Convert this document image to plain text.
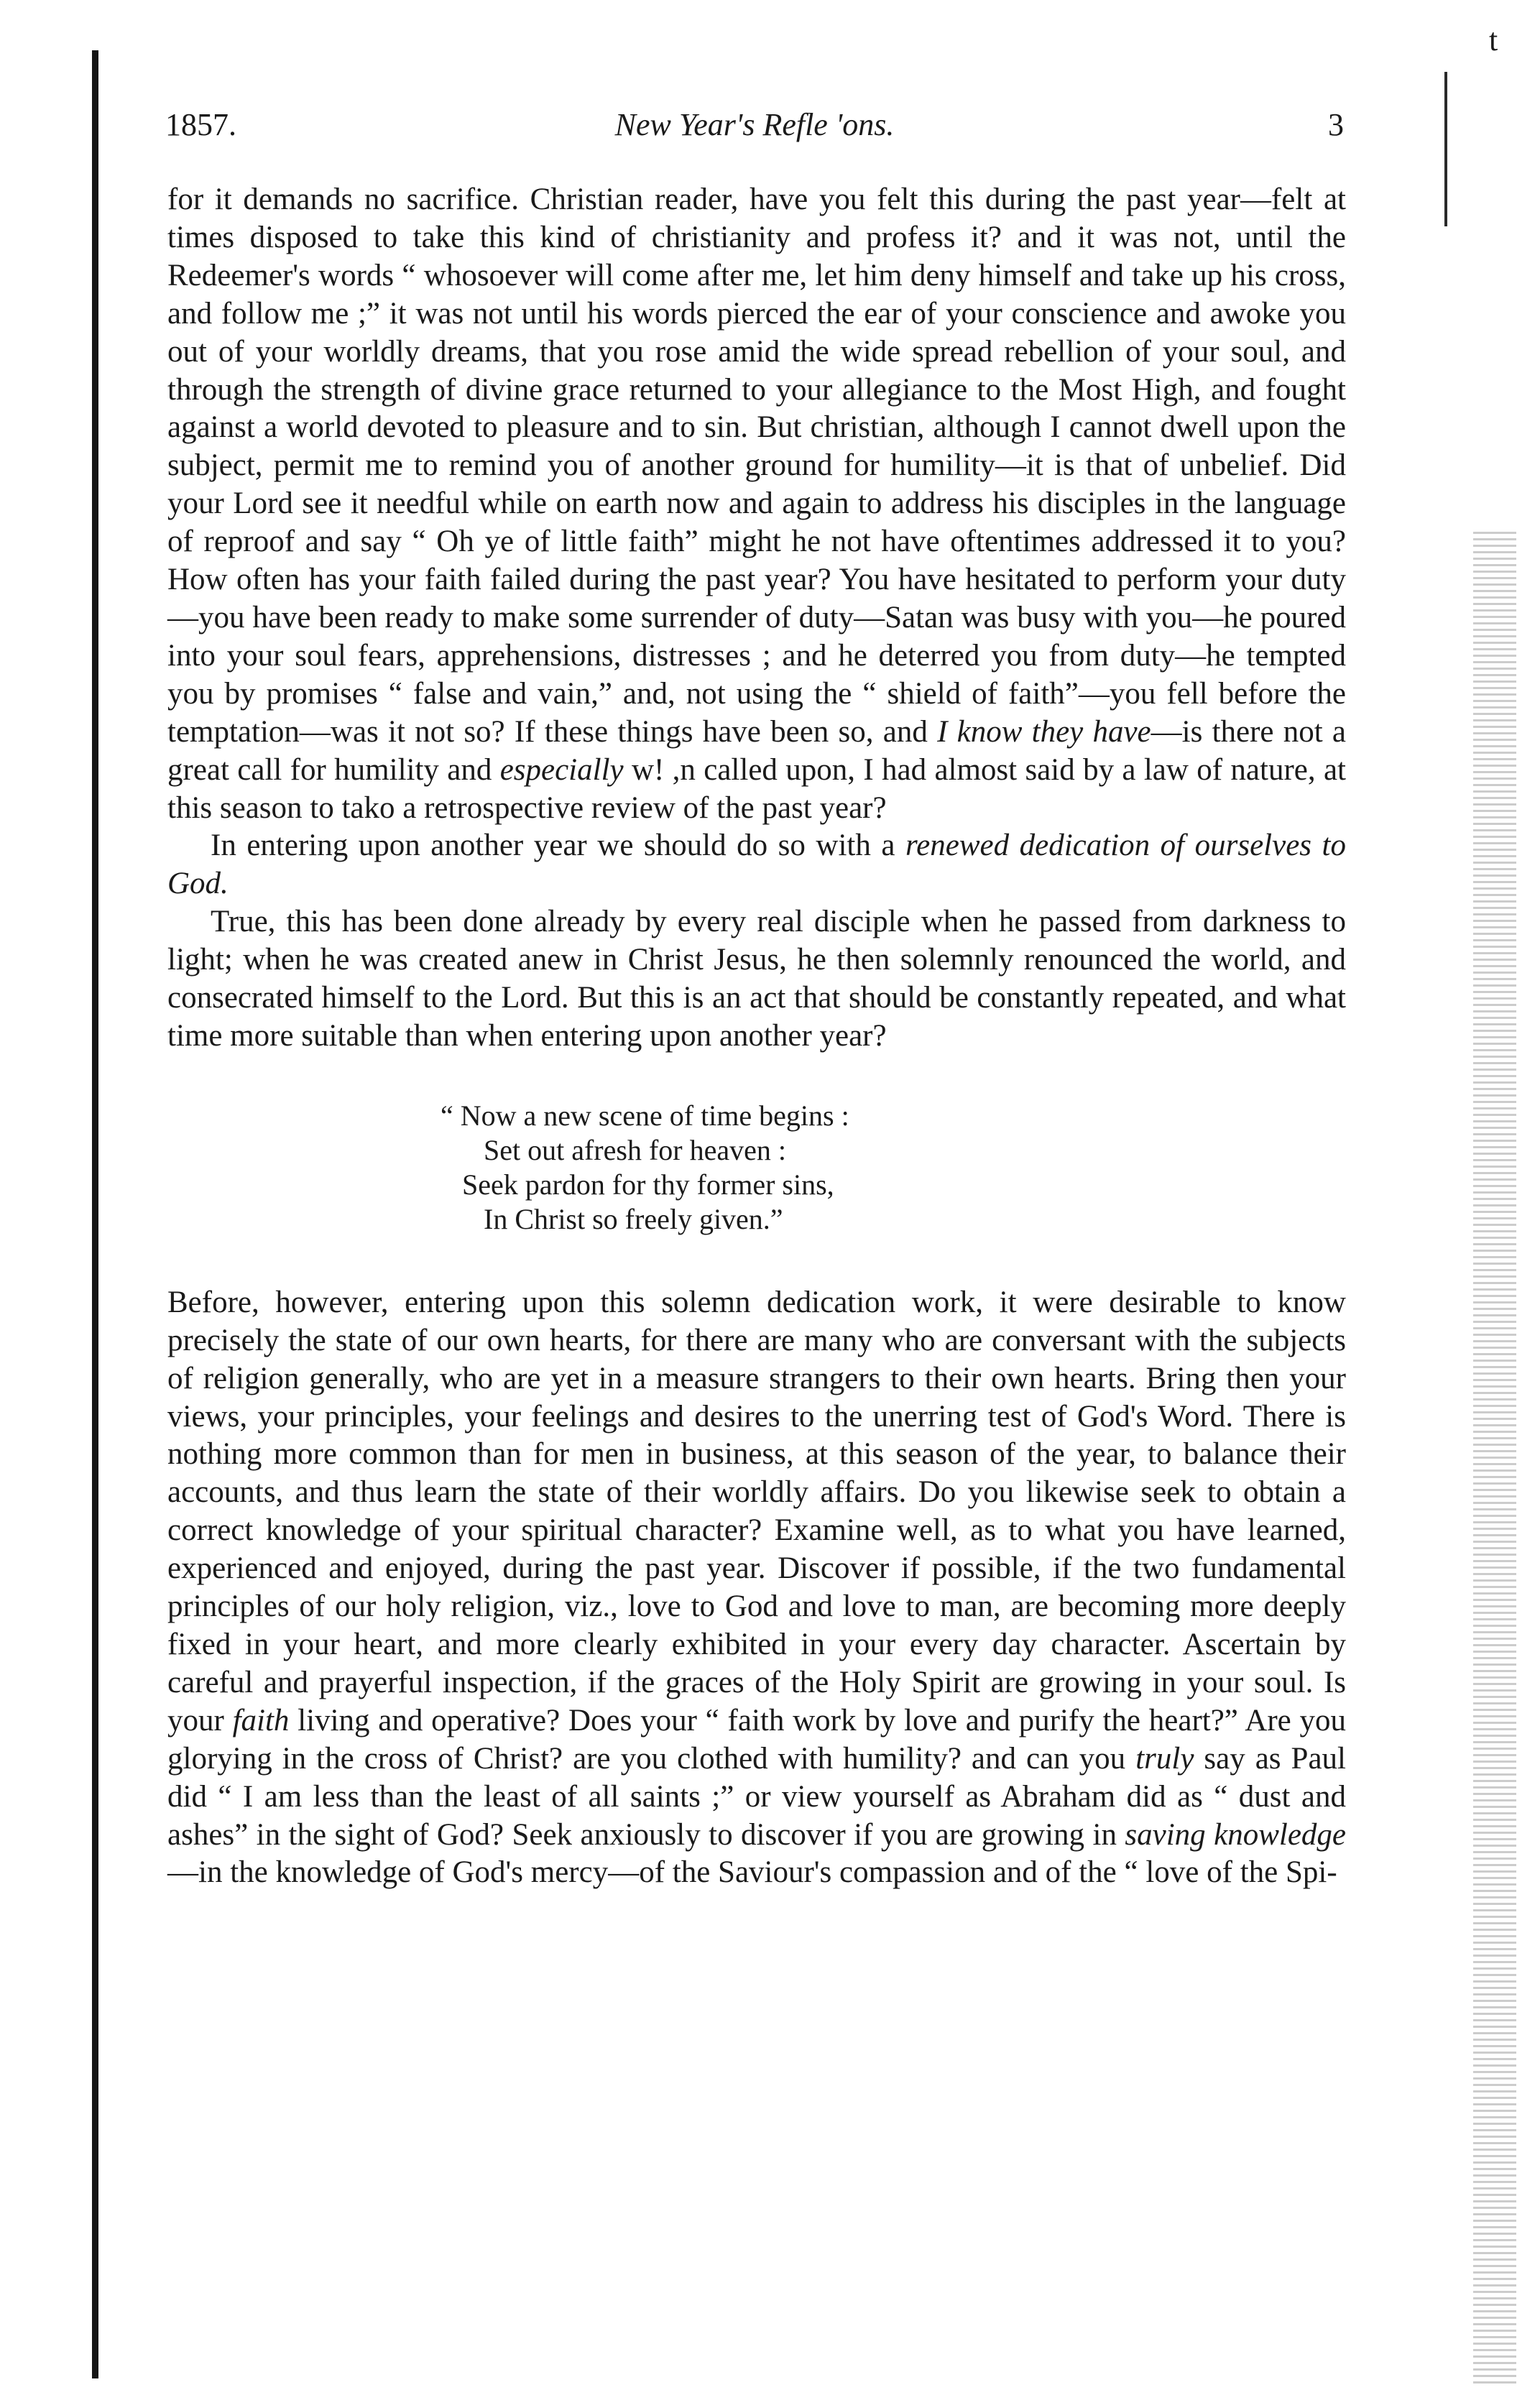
t
1857.	New Year's Refle 'ons.	3

for it demands no sacrifice. Christian reader, have you felt this during the past year—felt at times disposed to take this kind of christianity and profess it? and it was not, until the Redeemer's words “ whosoever will come after me, let him deny himself and take up his cross, and follow me ;” it was not until his words pierced the ear of your conscience and awoke you out of your worldly dreams, that you rose amid the wide spread rebellion of your soul, and through the strength of divine grace returned to your allegiance to the Most High, and fought against a world devoted to pleasure and to sin. But christian, although I cannot dwell upon the subject, permit me to remind you of another ground for humility—it is that of unbelief. Did your Lord see it needful while on earth now and again to address his disciples in the language of reproof and say “ Oh ye of little faith” might he not have oftentimes addressed it to you? How often has your faith failed during the past year? You have hesitated to perform your duty—you have been ready to make some surrender of duty—Satan was busy with you—he poured into your soul fears, apprehensions, distresses ; and he deterred you from duty—he tempted you by promises “ false and vain,” and, not using the “ shield of faith”—you fell before the temptation—was it not so? If these things have been so, and I know they have—is there not a great call for humility and especially w! ,n called upon, I had almost said by a law of nature, at this season to takᴏ a retrospective review of the past year?

In entering upon another year we should do so with a renewed dedication of ourselves to God.

True, this has been done already by every real disciple when he passed from darkness to light; when he was created anew in Christ Jesus, he then solemnly renounced the world, and consecrated himself to the Lord. But this is an act that should be constantly repeated, and what time more suitable than when entering upon another year?

“ Now a new scene of time begins :
Set out afresh for heaven :
Seek pardon for thy former sins,
In Christ so freely given.”

Before, however, entering upon this solemn dedication work, it were desirable to know precisely the state of our own hearts, for there are many who are conversant with the subjects of religion generally, who are yet in a measure strangers to their own hearts. Bring then your views, your principles, your feelings and desires to the unerring test of God's Word. There is nothing more common than for men in business, at this season of the year, to balance their accounts, and thus learn the state of their worldly affairs. Do you likewise seek to obtain a correct knowledge of your spiritual character? Examine well, as to what you have learned, experienced and enjoyed, during the past year. Discover if possible, if the two fundamental principles of our holy religion, viz., love to God and love to man, are becoming more deeply fixed in your heart, and more clearly exhibited in your every day character. Ascertain by careful and prayerful inspection, if the graces of the Holy Spirit are growing in your soul. Is your faith living and operative? Does your “ faith work by love and purify the heart?” Are you glorying in the cross of Christ? are you clothed with humility? and can you truly say as Paul did “ I am less than the least of all saints ;” or view yourself as Abraham did as “ dust and ashes” in the sight of God? Seek anxiously to discover if you are growing in saving knowledge—in the knowledge of God's mercy—of the Saviour's compassion and of the “ love of the Spi-
